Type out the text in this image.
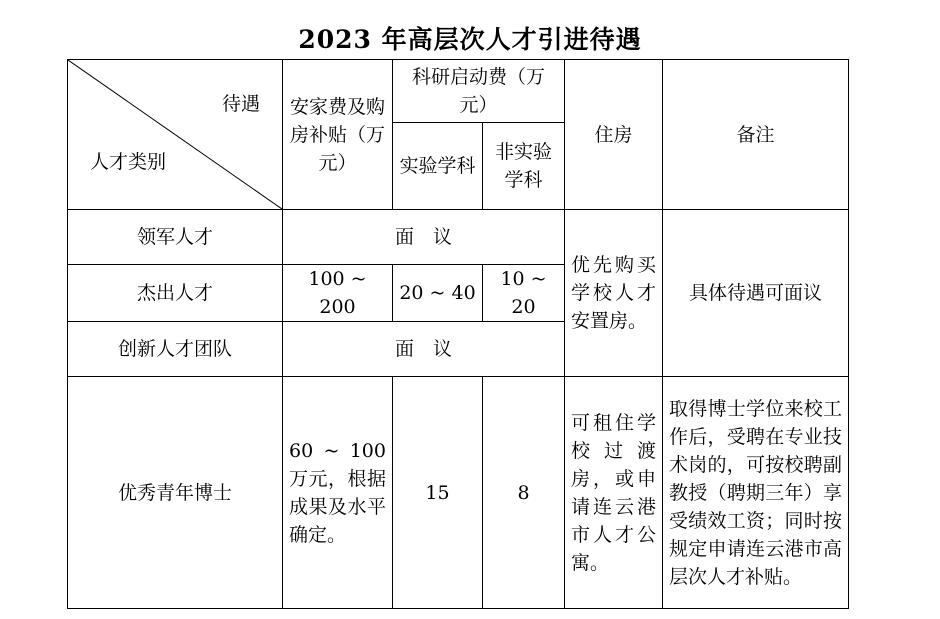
2023 年高层次人才引进待遇
待遇
人才类别	安家费及购房补贴（万元）	科研启动费（万元）		住房	备注
		实验学科	非实验学科		
领军人才	面　议			优先购买学校人才安置房。	具体待遇可面议
杰出人才	100 ~ 200	20 ~ 40	10 ~ 20		
创新人才团队	面　议				
优秀青年博士	60 ~ 100 万元，根据成果及水平确定。	15	8	可租住学校过渡房，或申请连云港市人才公寓。	取得博士学位来校工作后，受聘在专业技术岗的，可按校聘副教授（聘期三年）享受绩效工资；同时按规定申请连云港市高层次人才补贴。
